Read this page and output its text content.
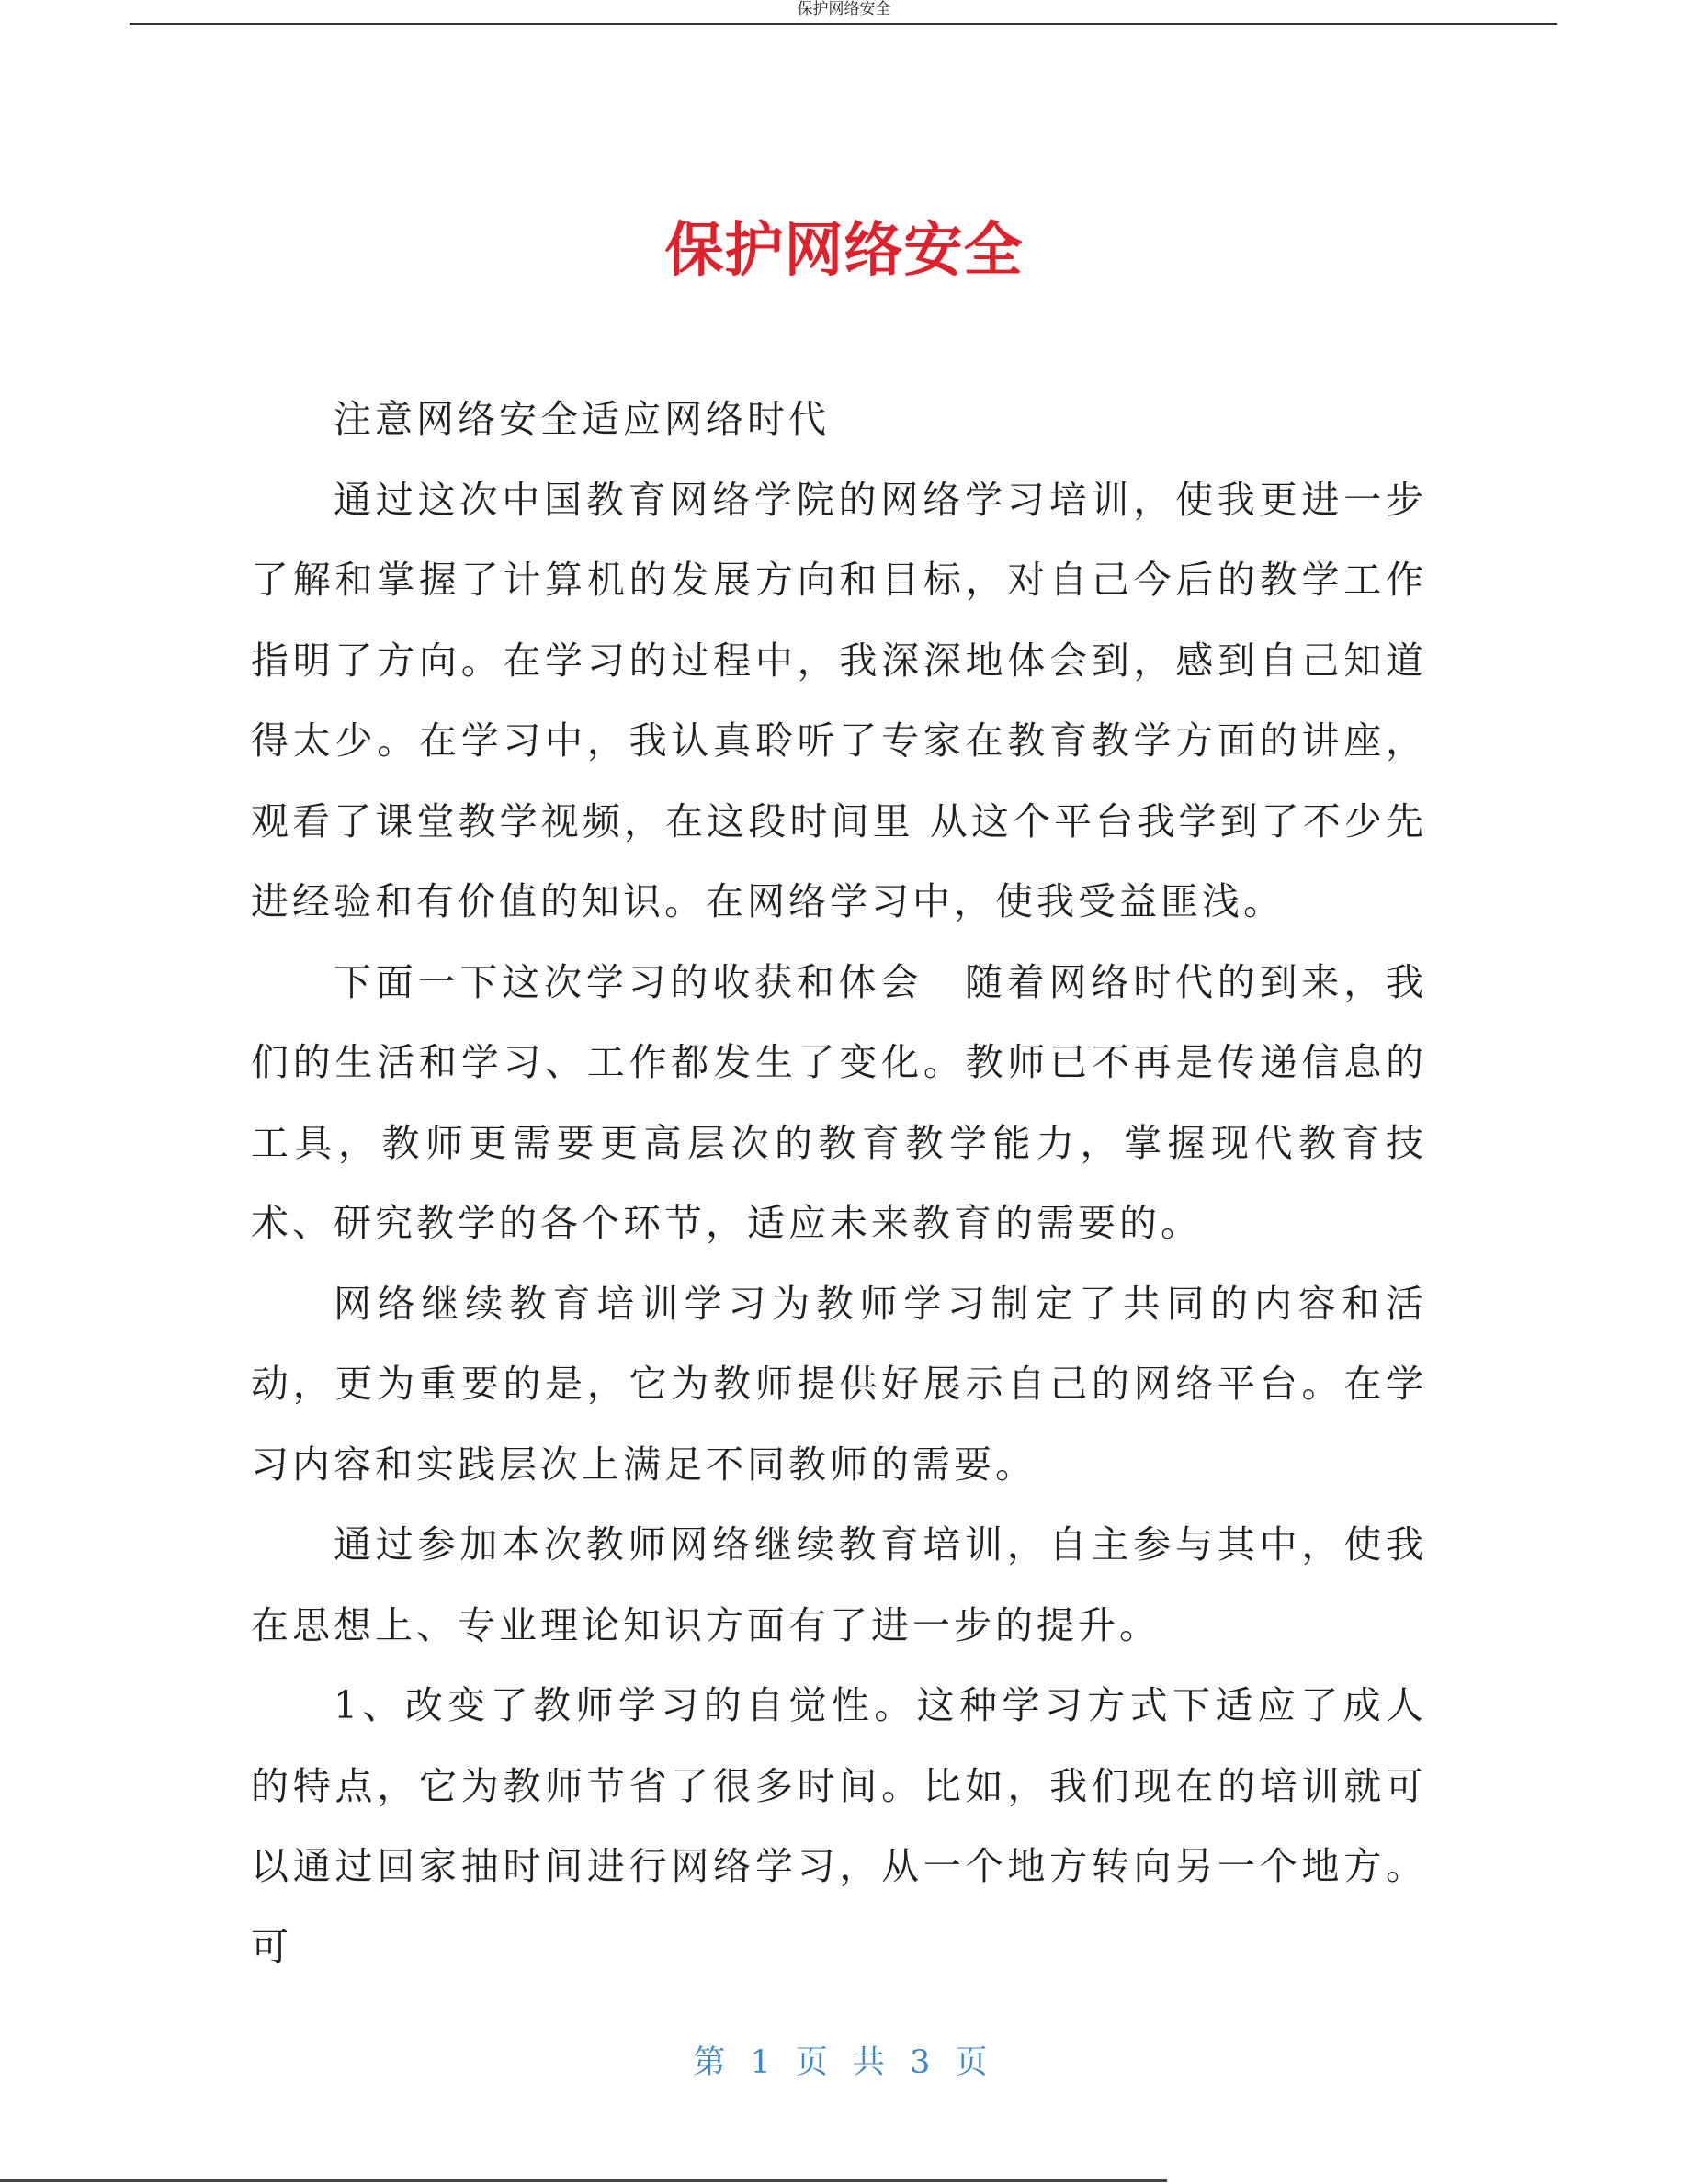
保护网络安全
保护网络安全

注意网络安全适应网络时代

通过这次中国教育网络学院的网络学习培训，使我更进一步了解和掌握了计算机的发展方向和目标，对自己今后的教学工作指明了方向。在学习的过程中，我深深地体会到，感到自己知道得太少。在学习中，我认真聆听了专家在教育教学方面的讲座，观看了课堂教学视频，在这段时间里 从这个平台我学到了不少先进经验和有价值的知识。在网络学习中，使我受益匪浅。

下面一下这次学习的收获和体会　随着网络时代的到来，我们的生活和学习、工作都发生了变化。教师已不再是传递信息的工具，教师更需要更高层次的教育教学能力，掌握现代教育技术、研究教学的各个环节，适应未来教育的需要的。

网络继续教育培训学习为教师学习制定了共同的内容和活动，更为重要的是，它为教师提供好展示自己的网络平台。在学习内容和实践层次上满足不同教师的需要。

通过参加本次教师网络继续教育培训，自主参与其中，使我在思想上、专业理论知识方面有了进一步的提升。

1、改变了教师学习的自觉性。这种学习方式下适应了成人的特点，它为教师节省了很多时间。比如，我们现在的培训就可以通过回家抽时间进行网络学习，从一个地方转向另一个地方。可

第 1 页 共 3 页
